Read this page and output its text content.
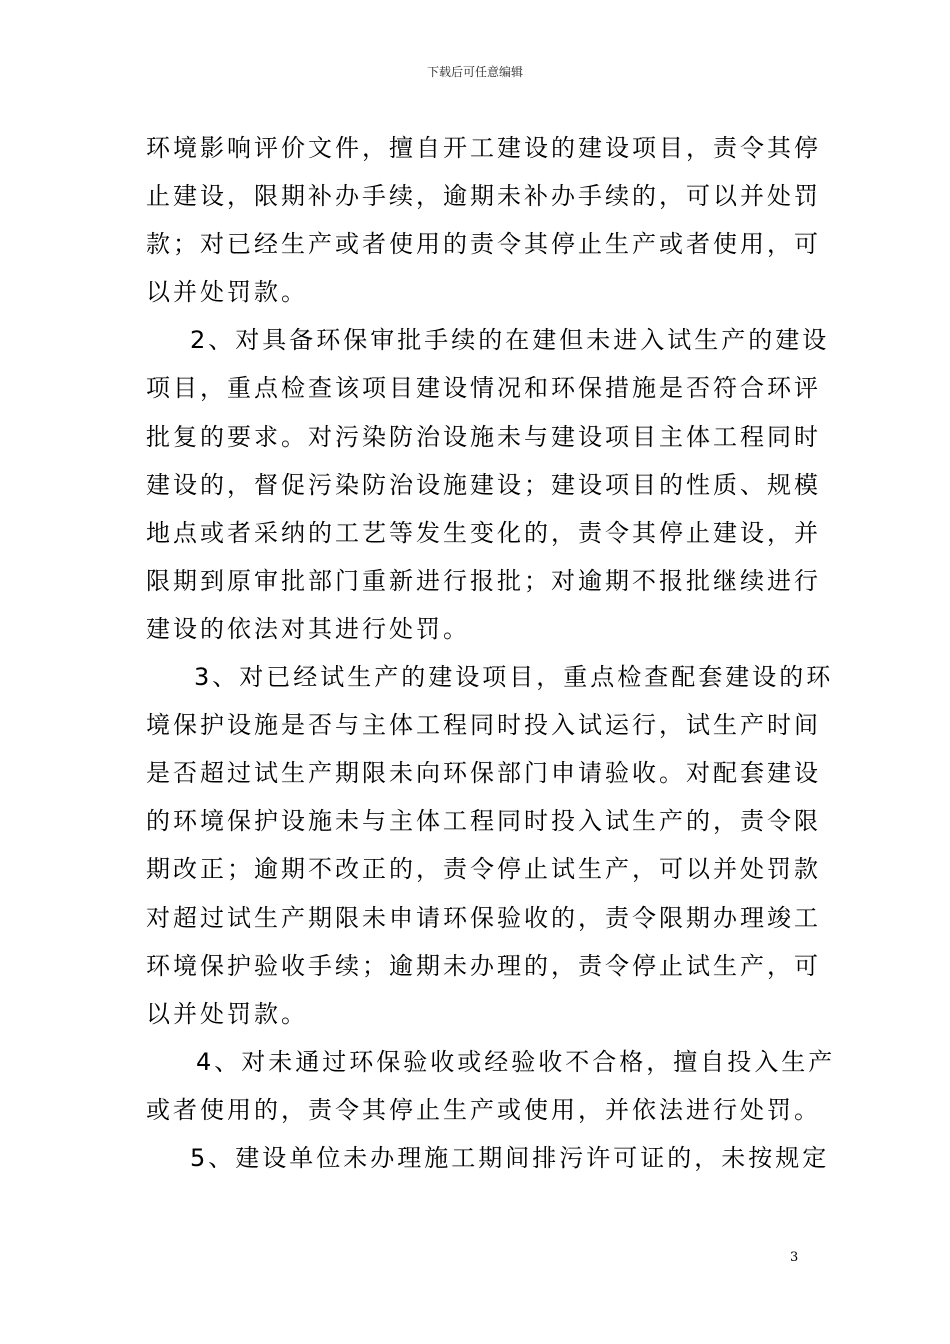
下载后可任意编辑

环境影响评价文件，擅自开工建设的建设项目，责令其停
止建设，限期补办手续，逾期未补办手续的，可以并处罚
款；对已经生产或者使用的责令其停止生产或者使用，可
以并处罚款。

2、对具备环保审批手续的在建但未进入试生产的建设
项目，重点检查该项目建设情况和环保措施是否符合环评
批复的要求。对污染防治设施未与建设项目主体工程同时
建设的，督促污染防治设施建设；建设项目的性质、规模
地点或者采纳的工艺等发生变化的，责令其停止建设，并
限期到原审批部门重新进行报批；对逾期不报批继续进行
建设的依法对其进行处罚。

3、对已经试生产的建设项目，重点检查配套建设的环
境保护设施是否与主体工程同时投入试运行，试生产时间
是否超过试生产期限未向环保部门申请验收。对配套建设
的环境保护设施未与主体工程同时投入试生产的，责令限
期改正；逾期不改正的，责令停止试生产，可以并处罚款
对超过试生产期限未申请环保验收的，责令限期办理竣工
环境保护验收手续；逾期未办理的，责令停止试生产，可
以并处罚款。

4、对未通过环保验收或经验收不合格，擅自投入生产
或者使用的，责令其停止生产或使用，并依法进行处罚。

5、建设单位未办理施工期间排污许可证的，未按规定

3
